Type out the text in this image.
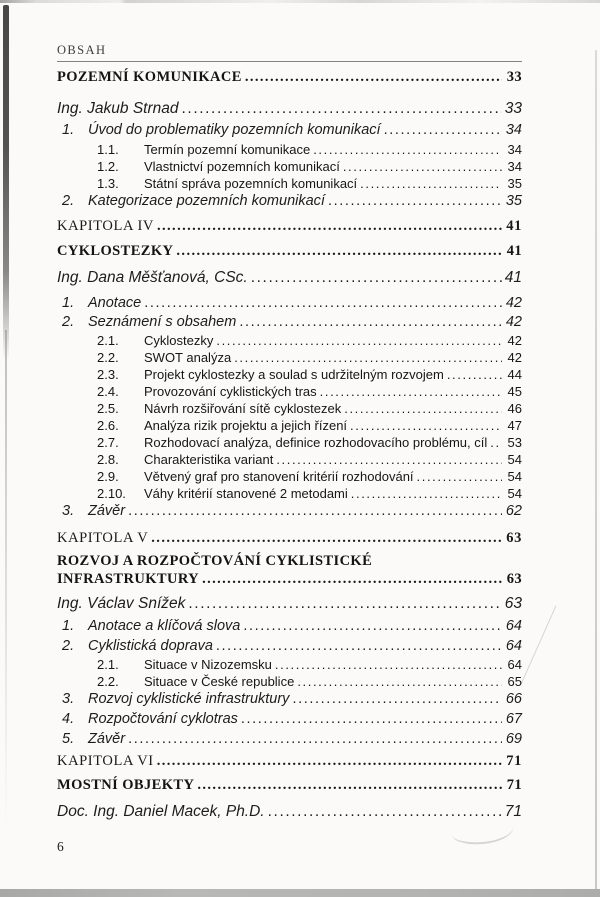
OBSAH
POZEMNÍ KOMUNIKACE .....	33
Ing. Jakub Strnad .....	33
1. Úvod do problematiky pozemních komunikací .....	34
1.1.	Termín pozemní komunikace .....	34
1.2.	Vlastnictví pozemních komunikací .....	34
1.3.	Státní správa pozemních komunikací .....	35
2. Kategorizace pozemních komunikací .....	35
KAPITOLA IV .....	41
CYKLOSTEZKY .....	41
Ing. Dana Měšťanová, CSc. .....	41
1. Anotace .....	42
2. Seznámení s obsahem .....	42
2.1.	Cyklostezky .....	42
2.2.	SWOT analýza .....	42
2.3.	Projekt cyklostezky a soulad s udržitelným rozvojem .....	44
2.4.	Provozování cyklistických tras .....	45
2.5.	Návrh rozšiřování sítě cyklostezek .....	46
2.6.	Analýza rizik projektu a jejich řízení .....	47
2.7.	Rozhodovací analýza, definice rozhodovacího problému, cíl ..... 53
2.8.	Charakteristika variant .....	54
2.9.	Větvený graf pro stanovení kritérií rozhodování .....	54
2.10.	Váhy kritérií stanovené 2 metodami .....	54
3. Závěr .....	62
KAPITOLA V .....	63
ROZVOJ A ROZPOČTOVÁNÍ CYKLISTICKÉ
INFRASTRUKTURY .....	63
Ing. Václav Snížek .....	63
1. Anotace a klíčová slova .....	64
2. Cyklistická doprava .....	64
2.1.	Situace v Nizozemsku .....	64
2.2.	Situace v České republice .....	65
3. Rozvoj cyklistické infrastruktury .....	66
4. Rozpočtování cyklotras .....	67
5. Závěr .....	69
KAPITOLA VI .....	71
MOSTNÍ OBJEKTY .....	71
Doc. Ing. Daniel Macek, Ph.D. .....	71
6
